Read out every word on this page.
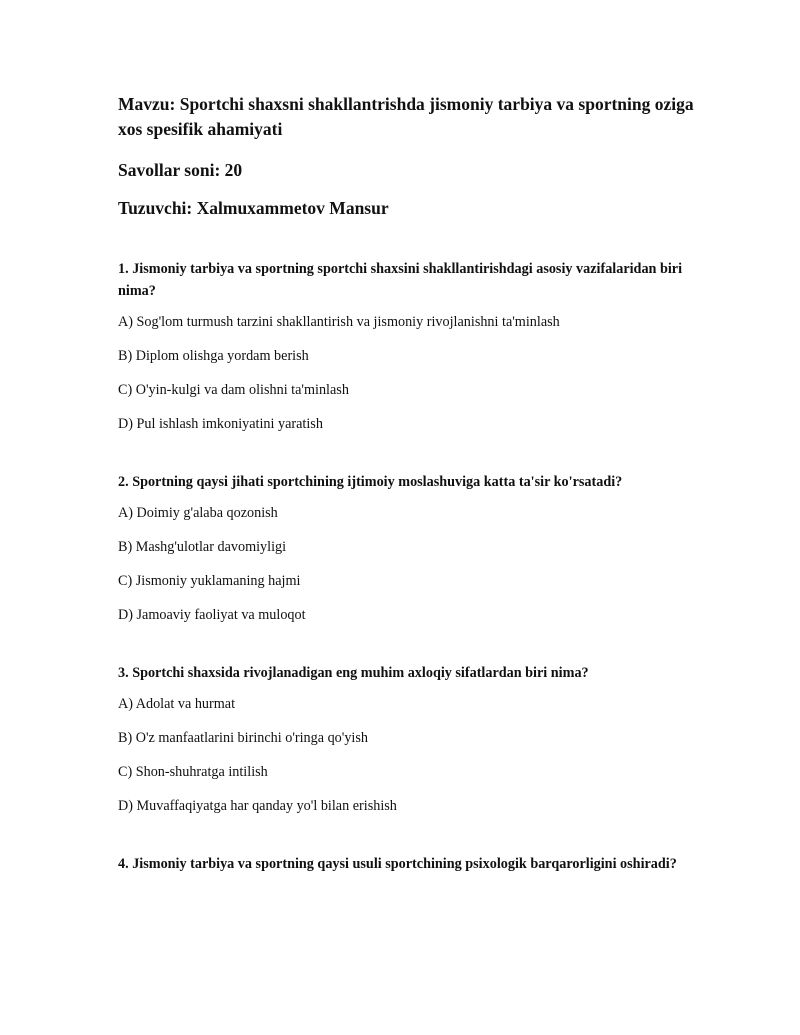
Mavzu: Sportchi shaxsni shakllantrishda jismoniy tarbiya va sportning oziga xos spesifik ahamiyati

Savollar soni: 20

Tuzuvchi: Xalmuxammetov Mansur

1. Jismoniy tarbiya va sportning sportchi shaxsini shakllantirishdagi asosiy vazifalaridan biri nima?

A) Sog'lom turmush tarzini shakllantirish va jismoniy rivojlanishni ta'minlash
B) Diplom olishga yordam berish
C) O'yin-kulgi va dam olishni ta'minlash
D) Pul ishlash imkoniyatini yaratish

2. Sportning qaysi jihati sportchining ijtimoiy moslashuviga katta ta'sir ko'rsatadi?

A) Doimiy g'alaba qozonish
B) Mashg'ulotlar davomiyligi
C) Jismoniy yuklamaning hajmi
D) Jamoaviy faoliyat va muloqot

3. Sportchi shaxsida rivojlanadigan eng muhim axloqiy sifatlardan biri nima?

A) Adolat va hurmat
B) O'z manfaatlarini birinchi o'ringa qo'yish
C) Shon-shuhratga intilish
D) Muvaffaqiyatga har qanday yo'l bilan erishish

4. Jismoniy tarbiya va sportning qaysi usuli sportchining psixologik barqarorligini oshiradi?
